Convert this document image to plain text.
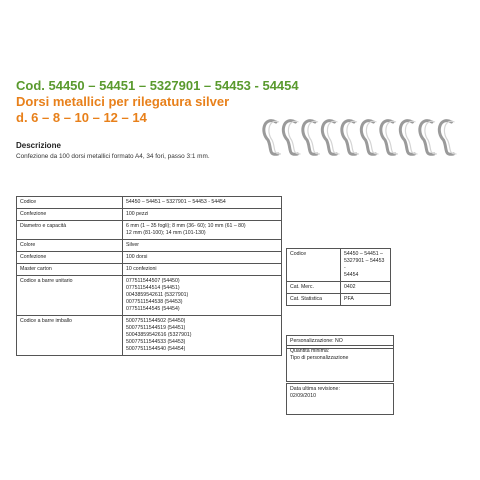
Cod. 54450 – 54451 – 5327901 – 54453 - 54454
Dorsi metallici per rilegatura silver
d. 6 – 8 – 10 – 12 – 14
Descrizione
Confezione da 100 dorsi metallici formato A4, 34 fori, passo 3:1 mm.
Codice	54450 – 54451 – 5327901 – 54453 - 54454

Confezione	100 pezzi

Diametro e capacità	6 mm (1 – 35 fogli); 8 mm (36- 60); 10 mm (61 – 80)
12 mm (81-100); 14 mm (101-130)

Colore	Silver

Confezione	100 dorsi

Master carton	10 confezioni

Codice a barre unitario	077511544507 (54450)
077511544514 (54451)
0043859542611 (5327901)
0077511544538 (54453)
077511544545 (54454)

Codice a barre imballo	50077511544502 (54450)
50077511544519 (54451)
50043859542616 (5327901)
50077511544533 (54453)
50077511544540 (54454)
Codice	54450 – 54451 –
5327901 – 54453 -
54454

Cat. Merc.	0402

Cat. Statistica	PFA
Personalizzazione: NO
Quantità minima:
Tipo di personalizzazione
Data ultima revisione:
02/09/2010
